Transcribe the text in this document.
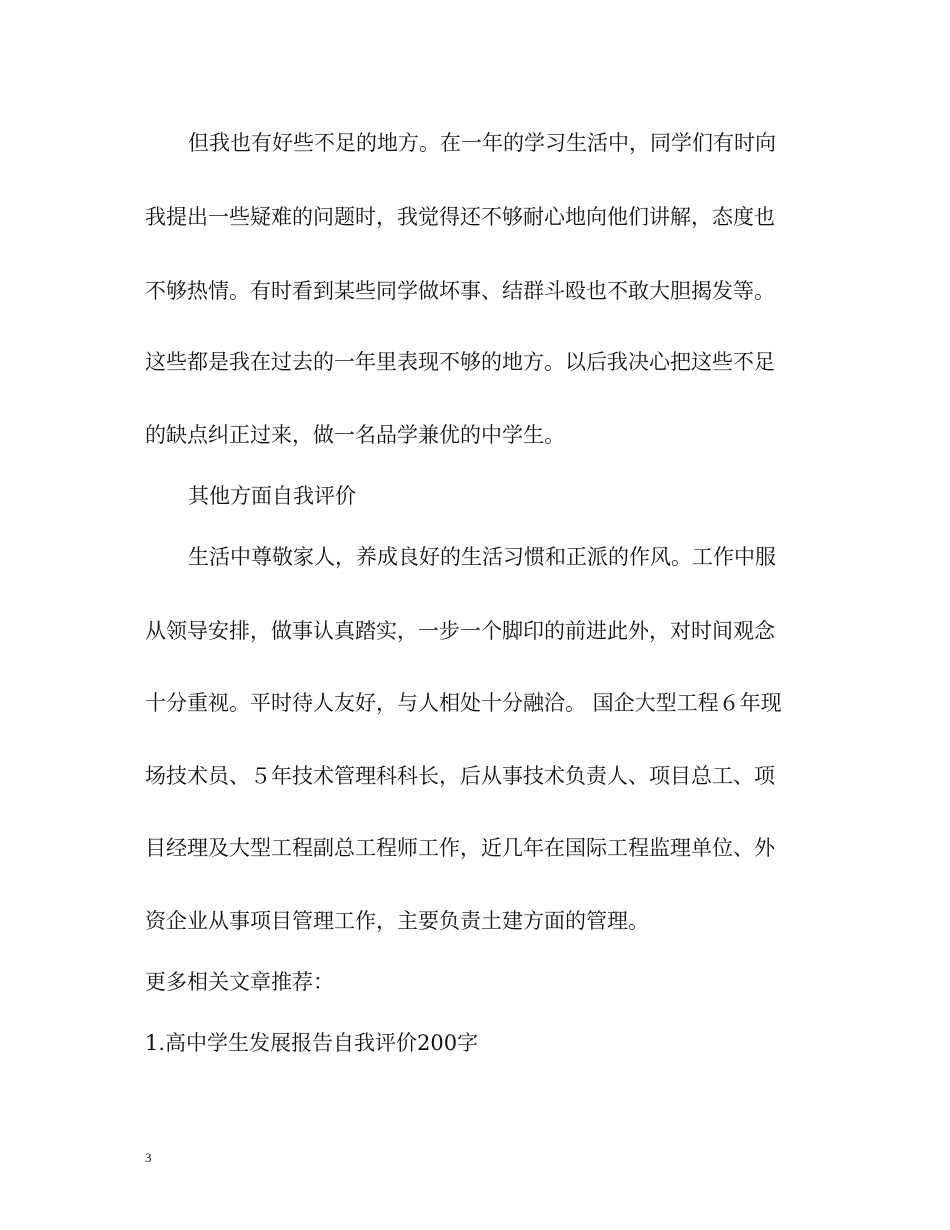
但我也有好些不足的地方。在一年的学习生活中，同学们有时向
我提出一些疑难的问题时，我觉得还不够耐心地向他们讲解，态度也
不够热情。有时看到某些同学做坏事、结群斗殴也不敢大胆揭发等。
这些都是我在过去的一年里表现不够的地方。以后我决心把这些不足
的缺点纠正过来，做一名品学兼优的中学生。
其他方面自我评价
生活中尊敬家人，养成良好的生活习惯和正派的作风。工作中服
从领导安排，做事认真踏实，一步一个脚印的前进此外，对时间观念
十分重视。平时待人友好，与人相处十分融洽。 国企大型工程６年现
场技术员、５年技术管理科科长，后从事技术负责人、项目总工、项
目经理及大型工程副总工程师工作，近几年在国际工程监理单位、外
资企业从事项目管理工作，主要负责土建方面的管理。
更多相关文章推荐：
1.高中学生发展报告自我评价200字
3
